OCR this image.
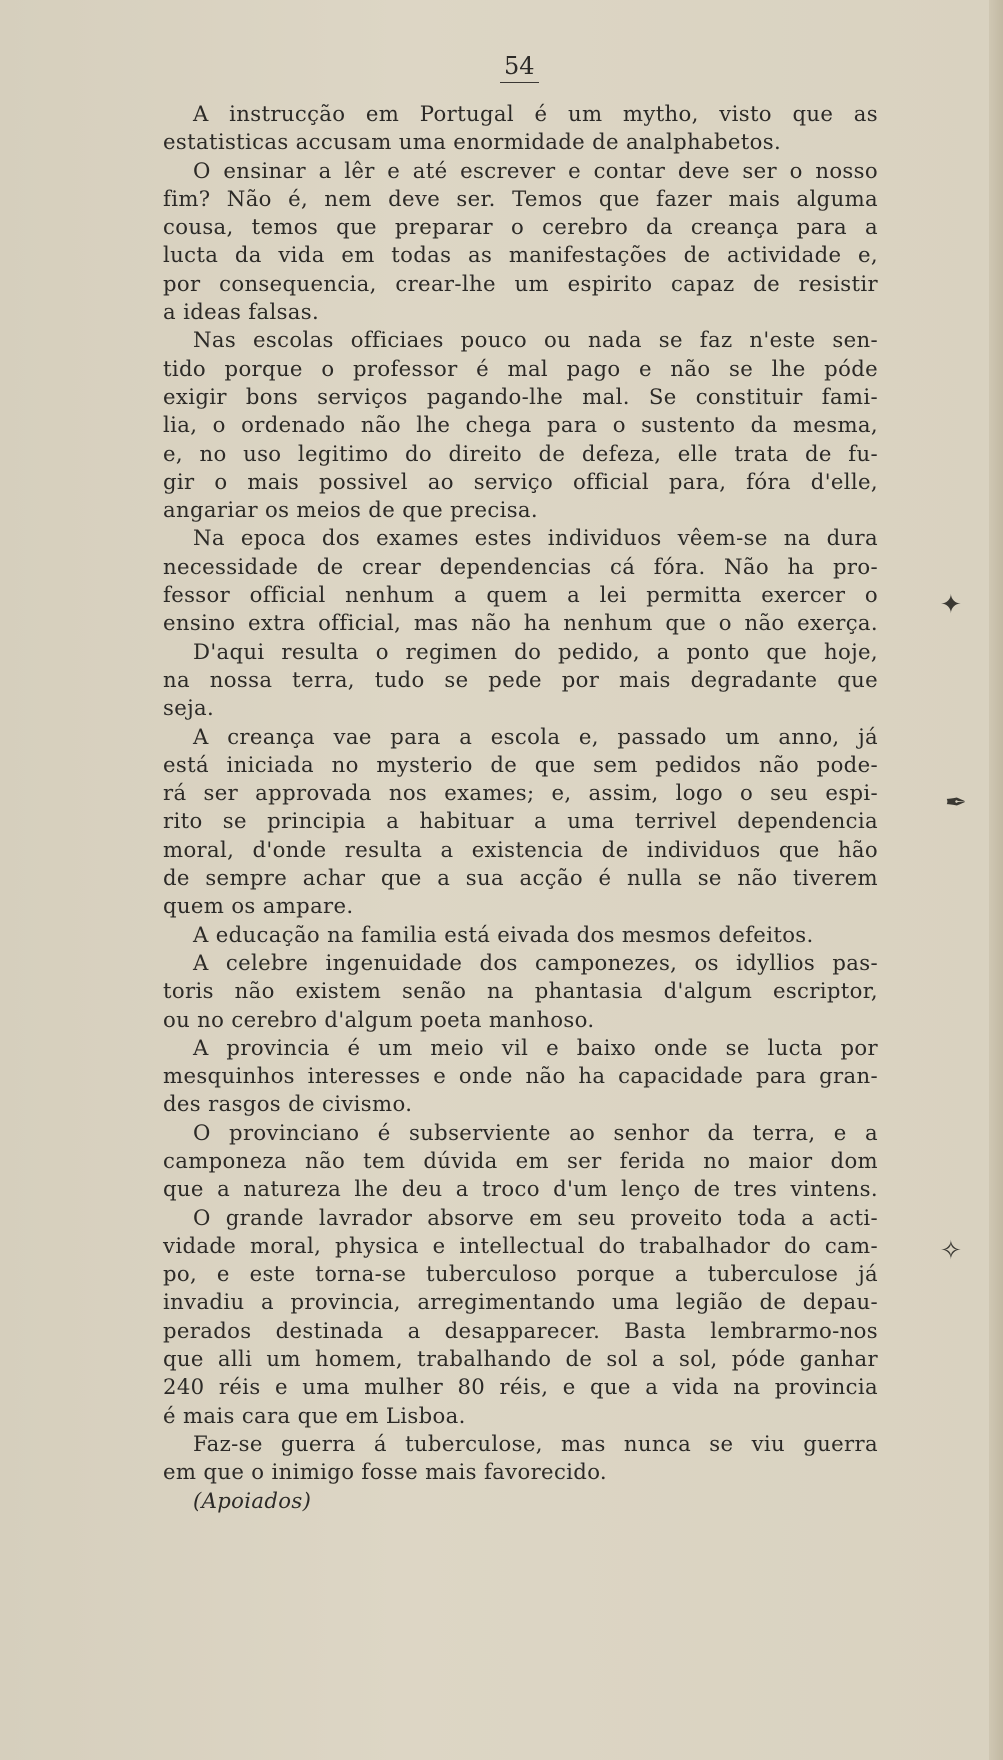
54
A instrucção em Portugal é um mytho, visto que as
estatisticas accusam uma enormidade de analphabetos.
O ensinar a lêr e até escrever e contar deve ser o nosso
fim? Não é, nem deve ser. Temos que fazer mais alguma
cousa, temos que preparar o cerebro da creança para a
lucta da vida em todas as manifestações de actividade e,
por consequencia, crear-lhe um espirito capaz de resistir
a ideas falsas.
Nas escolas officiaes pouco ou nada se faz n'este sen-
tido porque o professor é mal pago e não se lhe póde
exigir bons serviços pagando-lhe mal. Se constituir fami-
lia, o ordenado não lhe chega para o sustento da mesma,
e, no uso legitimo do direito de defeza, elle trata de fu-
gir o mais possivel ao serviço official para, fóra d'elle,
angariar os meios de que precisa.
Na epoca dos exames estes individuos vêem-se na dura
necessidade de crear dependencias cá fóra. Não ha pro-
fessor official nenhum a quem a lei permitta exercer o
ensino extra official, mas não ha nenhum que o não exerça.
D'aqui resulta o regimen do pedido, a ponto que hoje,
na nossa terra, tudo se pede por mais degradante que
seja.
A creança vae para a escola e, passado um anno, já
está iniciada no mysterio de que sem pedidos não pode-
rá ser approvada nos exames; e, assim, logo o seu espi-
rito se principia a habituar a uma terrivel dependencia
moral, d'onde resulta a existencia de individuos que hão
de sempre achar que a sua acção é nulla se não tiverem
quem os ampare.
A educação na familia está eivada dos mesmos defeitos.
A celebre ingenuidade dos camponezes, os idyllios pas-
toris não existem senão na phantasia d'algum escriptor,
ou no cerebro d'algum poeta manhoso.
A provincia é um meio vil e baixo onde se lucta por
mesquinhos interesses e onde não ha capacidade para gran-
des rasgos de civismo.
O provinciano é subserviente ao senhor da terra, e a
camponeza não tem dúvida em ser ferida no maior dom
que a natureza lhe deu a troco d'um lenço de tres vintens.
O grande lavrador absorve em seu proveito toda a acti-
vidade moral, physica e intellectual do trabalhador do cam-
po, e este torna-se tuberculoso porque a tuberculose já
invadiu a provincia, arregimentando uma legião de depau-
perados destinada a desapparecer. Basta lembrarmo-nos
que alli um homem, trabalhando de sol a sol, póde ganhar
240 réis e uma mulher 80 réis, e que a vida na provincia
é mais cara que em Lisboa.
Faz-se guerra á tuberculose, mas nunca se viu guerra
em que o inimigo fosse mais favorecido.
(Apoiados)
✦
✒
✧
